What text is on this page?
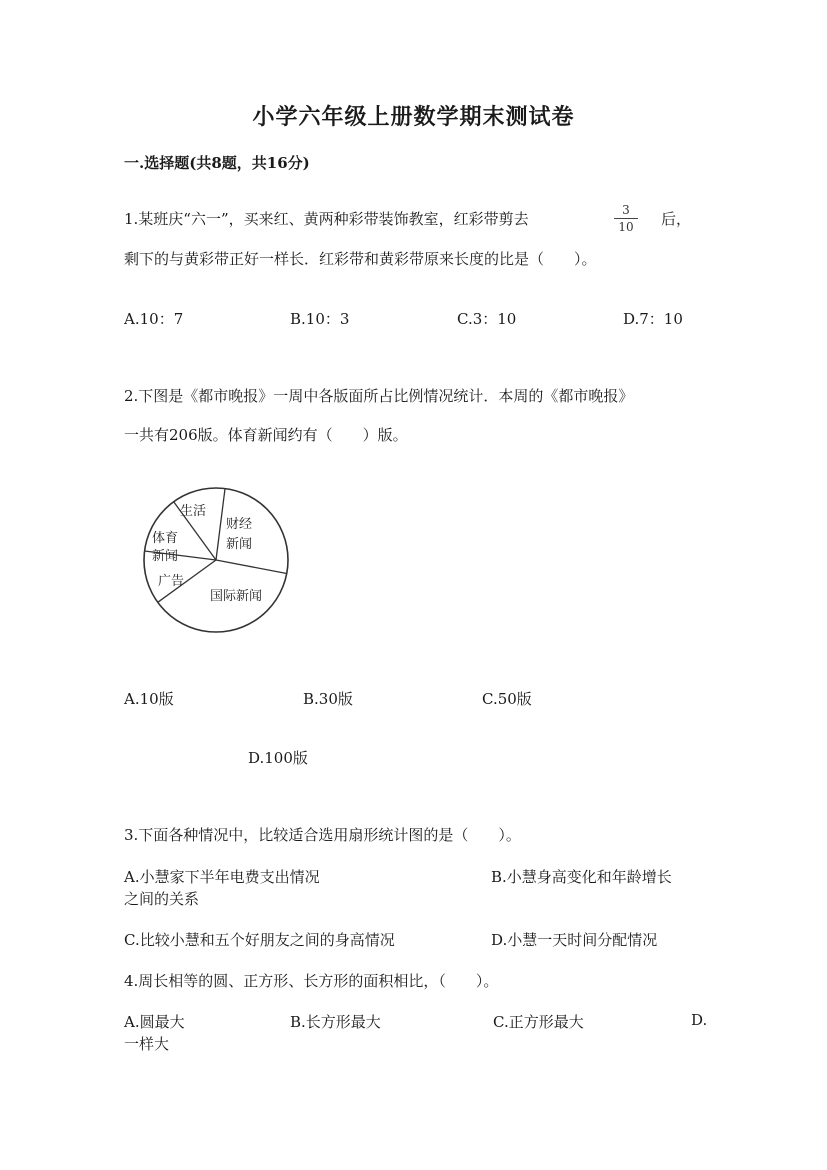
小学六年级上册数学期末测试卷
一.选择题(共8题，共16分)
1.某班庆“六一”，买来红、黄两种彩带装饰教室，红彩带剪去	3
10 后，
剩下的与黄彩带正好一样长．红彩带和黄彩带原来长度的比是（　　）。
A.10：7	B.10：3	C.3：10	D.7：10
2.下图是《都市晚报》一周中各版面所占比例情况统计．本周的《都市晚报》
一共有206版。体育新闻约有（　　）版。
生活
财经
新闻
体育
新闻
广告
国际新闻
A.10版	B.30版	C.50版
D.100版
3.下面各种情况中，比较适合选用扇形统计图的是（　　）。
A.小慧家下半年电费支出情况	B.小慧身高变化和年龄增长
之间的关系
C.比较小慧和五个好朋友之间的身高情况	D.小慧一天时间分配情况
4.周长相等的圆、正方形、长方形的面积相比，（　　）。
A.圆最大	B.长方形最大	C.正方形最大	D.
一样大
